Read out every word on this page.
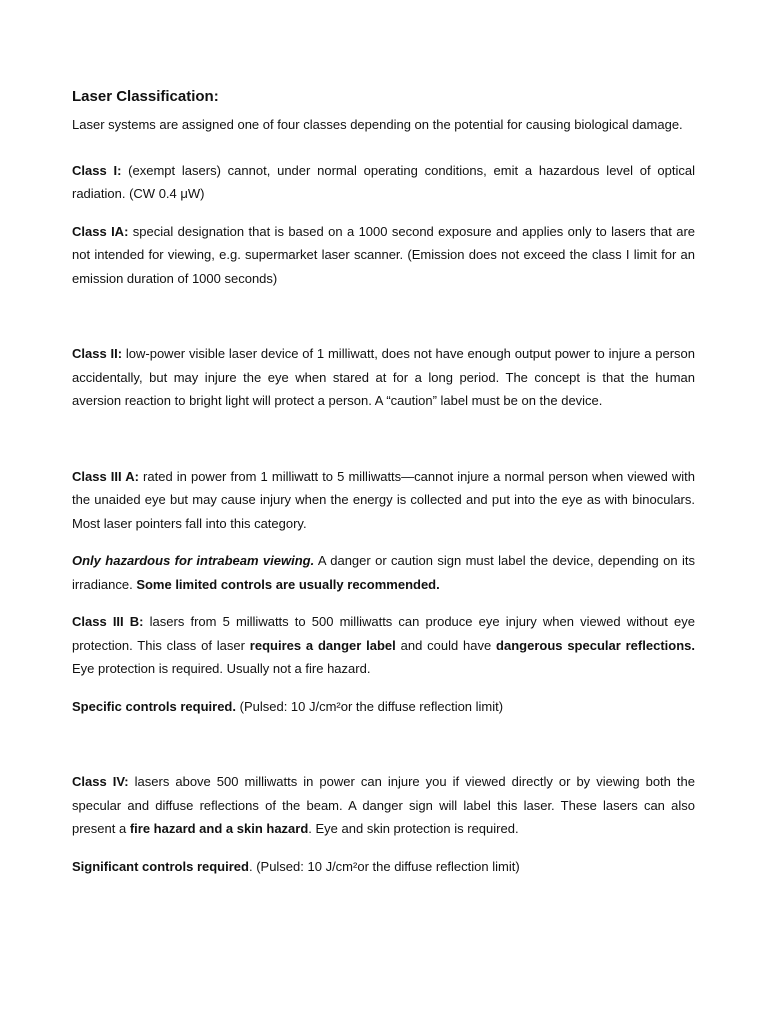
Laser Classification:

Laser systems are assigned one of four classes depending on the potential for causing biological damage.

Class I: (exempt lasers) cannot, under normal operating conditions, emit a hazardous level of optical radiation. (CW 0.4 μW)

Class IA: special designation that is based on a 1000 second exposure and applies only to lasers that are not intended for viewing, e.g. supermarket laser scanner. (Emission does not exceed the class I limit for an emission duration of 1000 seconds)

Class II: low-power visible laser device of 1 milliwatt, does not have enough output power to injure a person accidentally, but may injure the eye when stared at for a long period. The concept is that the human aversion reaction to bright light will protect a person. A “caution” label must be on the device.

Class III A: rated in power from 1 milliwatt to 5 milliwatts—cannot injure a normal person when viewed with the unaided eye but may cause injury when the energy is collected and put into the eye as with binoculars. Most laser pointers fall into this category.

Only hazardous for intrabeam viewing. A danger or caution sign must label the device, depending on its irradiance. Some limited controls are usually recommended.

Class III B: lasers from 5 milliwatts to 500 milliwatts can produce eye injury when viewed without eye protection. This class of laser requires a danger label and could have dangerous specular reflections. Eye protection is required. Usually not a fire hazard.

Specific controls required. (Pulsed: 10 J/cm²or the diffuse reflection limit)

Class IV: lasers above 500 milliwatts in power can injure you if viewed directly or by viewing both the specular and diffuse reflections of the beam. A danger sign will label this laser. These lasers can also present a fire hazard and a skin hazard. Eye and skin protection is required.

Significant controls required. (Pulsed: 10 J/cm²or the diffuse reflection limit)
